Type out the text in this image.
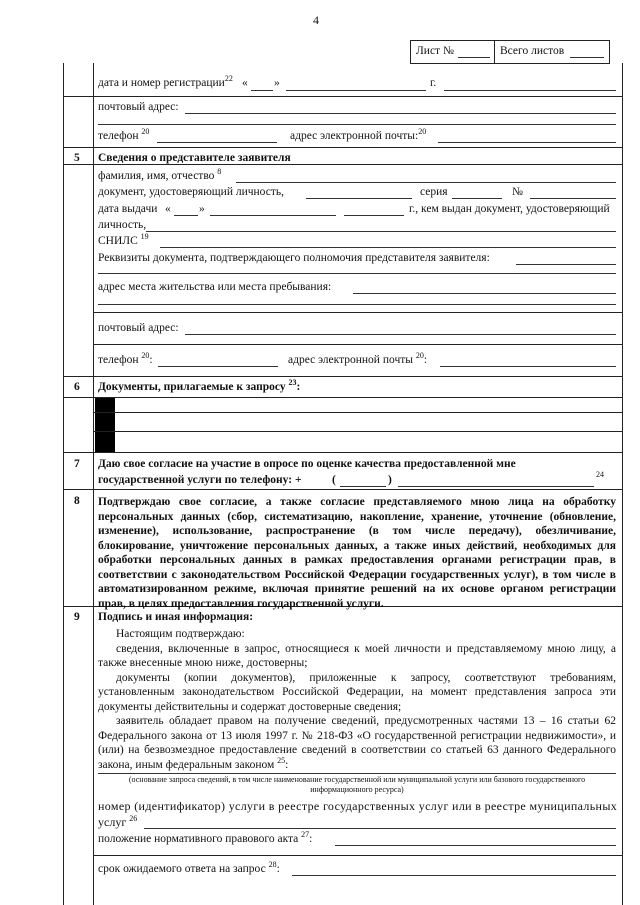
4
Лист №	Всего листов
дата и номер регистрации$^{22}$ « »	г.
почтовый адрес:
телефон $^{20}$	адрес электронной почты:$^{20}$
5 Сведения о представителе заявителя
фамилия, имя, отчество $^8$
документ, удостоверяющий личность,	серия	№
дата выдачи « »	г., кем выдан документ, удостоверяющий
личность,
СНИЛС $^{19}$
Реквизиты документа, подтверждающего полномочия представителя заявителя:
адрес места жительства или места пребывания:
почтовый адрес:
телефон $^{20}$:	адрес электронной почты $^{20}$:
6 Документы, прилагаемые к запросу $^{23}$:
7 Даю свое согласие на участие в опросе по оценке качества предоставленной мне
государственной услуги по телефону: +	(	)	24
8 Подтверждаю свое согласие, а также согласие представляемого мною лица на обработку персональных данных (сбор, систематизацию, накопление, хранение, уточнение (обновление, изменение), использование, распространение (в том числе передачу), обезличивание, блокирование, уничтожение персональных данных, а также иных действий, необходимых для обработки персональных данных в рамках предоставления органами регистрации прав, в соответствии с законодательством Российской Федерации государственных услуг), в том числе в автоматизированном режиме, включая принятие решений на их основе органом регистрации прав, в целях предоставления государственной услуги.
9 Подпись и иная информация:

Настоящим подтверждаю:

сведения, включенные в запрос, относящиеся к моей личности и представляемому мною лицу, а также внесенные мною ниже, достоверны;

документы (копии документов), приложенные к запросу, соответствуют требованиям, установленным законодательством Российской Федерации, на момент представления запроса эти документы действительны и содержат достоверные сведения;

заявитель обладает правом на получение сведений, предусмотренных частями 13 – 16 статьи 62 Федерального закона от 13 июля 1997 г. № 218-ФЗ «О государственной регистрации недвижимости», и (или) на безвозмездное предоставление сведений в соответствии со статьей 63 данного Федерального закона, иным федеральным законом $^{25}$:

(основание запроса сведений, в том числе наименование государственной или муниципальной услуги или базового государственного информационного ресурса)
номер (идентификатор) услуги в реестре государственных услуг или в реестре муниципальных
услуг $^{26}$
положение нормативного правового акта $^{27}$:
срок ожидаемого ответа на запрос $^{28}$:
